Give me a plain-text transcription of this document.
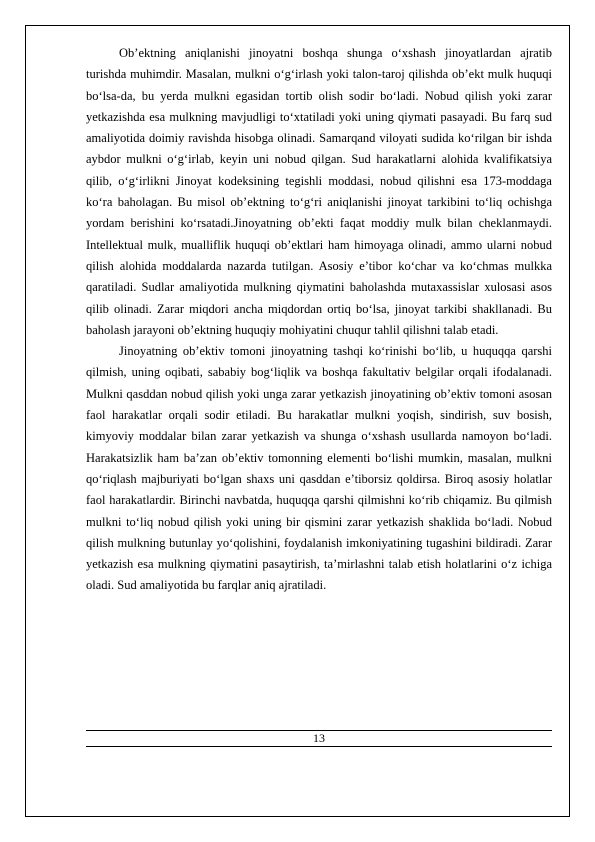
Ob’ektning aniqlanishi jinoyatni boshqa shunga o‘xshash jinoyatlardan ajratib turishda muhimdir. Masalan, mulkni o‘g‘irlash yoki talon-taroj qilishda ob’ekt mulk huquqi bo‘lsa-da, bu yerda mulkni egasidan tortib olish sodir bo‘ladi. Nobud qilish yoki zarar yetkazishda esa mulkning mavjudligi to‘xtatiladi yoki uning qiymati pasayadi. Bu farq sud amaliyotida doimiy ravishda hisobga olinadi. Samarqand viloyati sudida ko‘rilgan bir ishda aybdor mulkni o‘g‘irlab, keyin uni nobud qilgan. Sud harakatlarni alohida kvalifikatsiya qilib, o‘g‘irlikni Jinoyat kodeksining tegishli moddasi, nobud qilishni esa 173-moddaga ko‘ra baholagan. Bu misol ob’ektning to‘g‘ri aniqlanishi jinoyat tarkibini to‘liq ochishga yordam berishini ko‘rsatadi.Jinoyatning ob’ekti faqat moddiy mulk bilan cheklanmaydi. Intellektual mulk, mualliflik huquqi ob’ektlari ham himoyaga olinadi, ammo ularni nobud qilish alohida moddalarda nazarda tutilgan. Asosiy e’tibor ko‘char va ko‘chmas mulkka qaratiladi. Sudlar amaliyotida mulkning qiymatini baholashda mutaxassislar xulosasi asos qilib olinadi. Zarar miqdori ancha miqdordan ortiq bo‘lsa, jinoyat tarkibi shakllanadi. Bu baholash jarayoni ob’ektning huquqiy mohiyatini chuqur tahlil qilishni talab etadi.

Jinoyatning ob’ektiv tomoni jinoyatning tashqi ko‘rinishi bo‘lib, u huquqqa qarshi qilmish, uning oqibati, sababiy bog‘liqlik va boshqa fakultativ belgilar orqali ifodalanadi. Mulkni qasddan nobud qilish yoki unga zarar yetkazish jinoyatining ob’ektiv tomoni asosan faol harakatlar orqali sodir etiladi. Bu harakatlar mulkni yoqish, sindirish, suv bosish, kimyoviy moddalar bilan zarar yetkazish va shunga o‘xshash usullarda namoyon bo‘ladi. Harakatsizlik ham ba’zan ob’ektiv tomonning elementi bo‘lishi mumkin, masalan, mulkni qo‘riqlash majburiyati bo‘lgan shaxs uni qasddan e’tiborsiz qoldirsa. Biroq asosiy holatlar faol harakatlardir. Birinchi navbatda, huquqqa qarshi qilmishni ko‘rib chiqamiz. Bu qilmish mulkni to‘liq nobud qilish yoki uning bir qismini zarar yetkazish shaklida bo‘ladi. Nobud qilish mulkning butunlay yo‘qolishini, foydalanish imkoniyatining tugashini bildiradi. Zarar yetkazish esa mulkning qiymatini pasaytirish, ta’mirlashni talab etish holatlarini o‘z ichiga oladi. Sud amaliyotida bu farqlar aniq ajratiladi.

13
